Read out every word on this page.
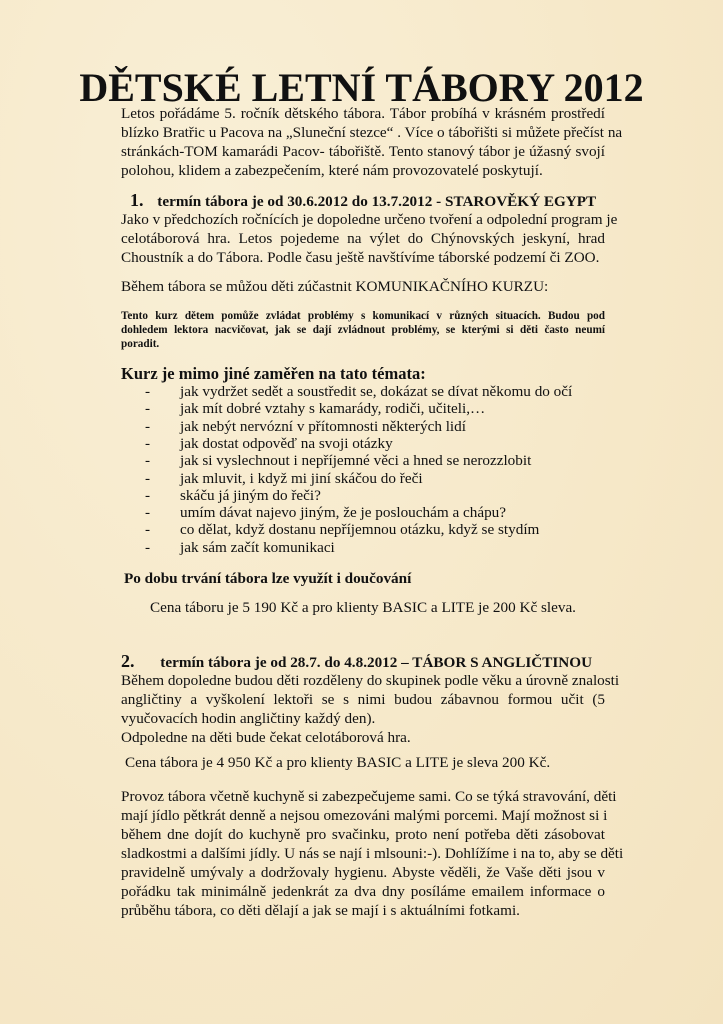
DĚTSKÉ LETNÍ TÁBORY 2012
Letos pořádáme 5. ročník dětského tábora. Tábor probíhá v krásném prostředí
blízko Bratřic u Pacova na „Sluneční stezce“ . Více o tábořišti si můžete přečíst na
stránkách-TOM kamarádi Pacov- tábořiště. Tento stanový tábor je úžasný svojí
polohou, klidem a zabezpečením, které nám provozovatelé poskytují.
1. termín tábora je od 30.6.2012 do 13.7.2012 - STAROVĚKÝ EGYPT
Jako v předchozích ročnících je dopoledne určeno tvoření a odpolední program je
celotáborová hra. Letos pojedeme na výlet do Chýnovských jeskyní, hrad
Choustník a do Tábora. Podle času ještě navštívíme táborské podzemí či ZOO.
Během tábora se můžou děti zúčastnit KOMUNIKAČNÍHO KURZU:
Tento kurz dětem pomůže zvládat problémy s komunikací v různých situacích. Budou pod
dohledem lektora nacvičovat, jak se dají zvládnout problémy, se kterými si děti často neumí
poradit.
Kurz je mimo jiné zaměřen na tato témata:
- jak vydržet sedět a soustředit se, dokázat se dívat někomu do očí
- jak mít dobré vztahy s kamarády, rodiči, učiteli,…
- jak nebýt nervózní v přítomnosti některých lidí
- jak dostat odpověď na svoji otázky
- jak si vyslechnout i nepříjemné věci a hned se nerozzlobit
- jak mluvit, i když mi jiní skáčou do řeči
- skáču já jiným do řeči?
- umím dávat najevo jiným, že je poslouchám a chápu?
- co dělat, když dostanu nepříjemnou otázku, když se stydím
- jak sám začít komunikaci
Po dobu trvání tábora lze využít i doučování
Cena táboru je 5 190 Kč a pro klienty BASIC a LITE je 200 Kč sleva.
2. termín tábora je od 28.7. do 4.8.2012 – TÁBOR S ANGLIČTINOU
Během dopoledne budou děti rozděleny do skupinek podle věku a úrovně znalosti
angličtiny a vyškolení lektoři se s nimi budou zábavnou formou učit (5
vyučovacích hodin angličtiny každý den).
Odpoledne na děti bude čekat celotáborová hra.
Cena tábora je 4 950 Kč a pro klienty BASIC a LITE je sleva 200 Kč.
Provoz tábora včetně kuchyně si zabezpečujeme sami. Co se týká stravování, děti
mají jídlo pětkrát denně a nejsou omezováni malými porcemi. Mají možnost si i
během dne dojít do kuchyně pro svačinku, proto není potřeba děti zásobovat
sladkostmi a dalšími jídly. U nás se nají i mlsouni:-). Dohlížíme i na to, aby se děti
pravidelně umývaly a dodržovaly hygienu. Abyste věděli, že Vaše děti jsou v
pořádku tak minimálně jedenkrát za dva dny posíláme emailem informace o
průběhu tábora, co děti dělají a jak se mají i s aktuálními fotkami.
